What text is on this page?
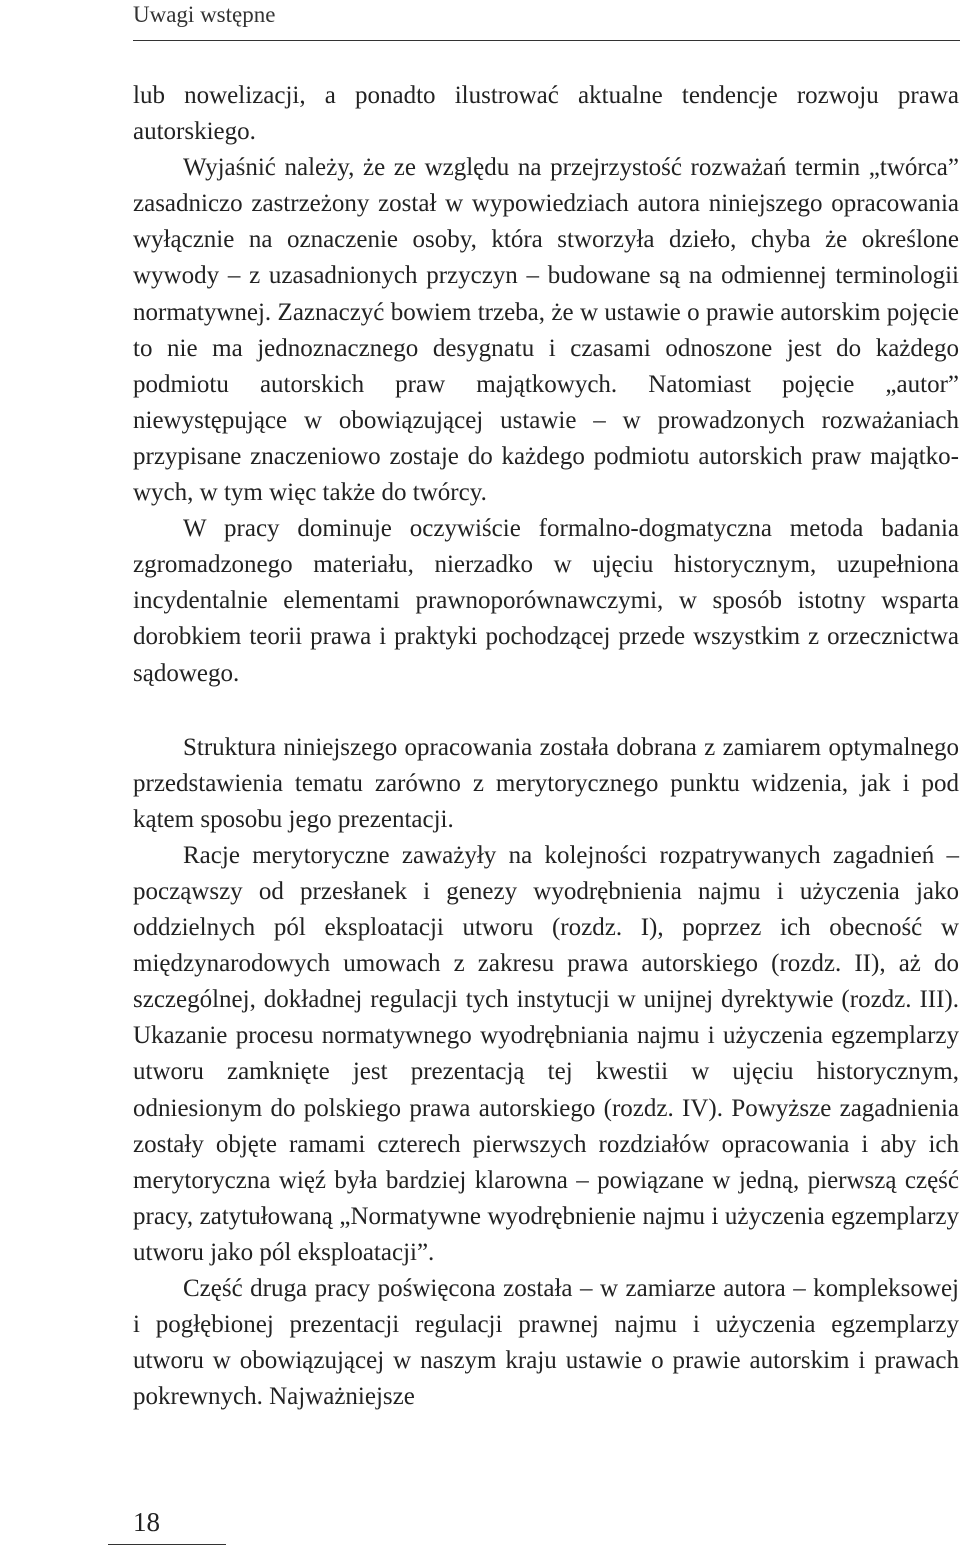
Uwagi wstępne

lub nowelizacji, a ponadto ilustrować aktualne tendencje rozwoju prawa autorskiego.

Wyjaśnić należy, że ze względu na przejrzystość rozważań termin „twórca” zasadniczo zastrzeżony został w wypowiedziach autora niniejszego opracowania wyłącznie na oznaczenie osoby, która stworzyła dzieło, chyba że określone wywody – z uzasadnionych przyczyn – budowane są na odmiennej terminologii normatywnej. Zaznaczyć bowiem trzeba, że w ustawie o prawie autorskim pojęcie to nie ma jednoznacznego desygnatu i czasami odnoszone jest do każdego podmiotu autorskich praw majątkowych. Natomiast pojęcie „autor” niewystępujące w obowiązującej ustawie – w prowadzonych rozważaniach przypisane znaczeniowo zostaje do każdego podmiotu autorskich praw majątkowych, w tym więc także do twórcy.

W pracy dominuje oczywiście formalno-dogmatyczna metoda badania zgromadzonego materiału, nierzadko w ujęciu historycznym, uzupełniona incydentalnie elementami prawnoporównawczymi, w sposób istotny wsparta dorobkiem teorii prawa i praktyki pochodzącej przede wszystkim z orzecznictwa sądowego.

Struktura niniejszego opracowania została dobrana z zamiarem optymalnego przedstawienia tematu zarówno z merytorycznego punktu widzenia, jak i pod kątem sposobu jego prezentacji.

Racje merytoryczne zaważyły na kolejności rozpatrywanych zagadnień – począwszy od przesłanek i genezy wyodrębnienia najmu i użyczenia jako oddzielnych pól eksploatacji utworu (rozdz. I), poprzez ich obecność w międzynarodowych umowach z zakresu prawa autorskiego (rozdz. II), aż do szczególnej, dokładnej regulacji tych instytucji w unijnej dyrektywie (rozdz. III). Ukazanie procesu normatywnego wyodrębniania najmu i użyczenia egzemplarzy utworu zamknięte jest prezentacją tej kwestii w ujęciu historycznym, odniesionym do polskiego prawa autorskiego (rozdz. IV). Powyższe zagadnienia zostały objęte ramami czterech pierwszych rozdziałów opracowania i aby ich merytoryczna więź była bardziej klarowna – powiązane w jedną, pierwszą część pracy, zatytułowaną „Normatywne wyodrębnienie najmu i użyczenia egzemplarzy utworu jako pól eksploatacji”.

Część druga pracy poświęcona została – w zamiarze autora – kompleksowej i pogłębionej prezentacji regulacji prawnej najmu i użyczenia egzemplarzy utworu w obowiązującej w naszym kraju ustawie o prawie autorskim i prawach pokrewnych. Najważniejsze

18
